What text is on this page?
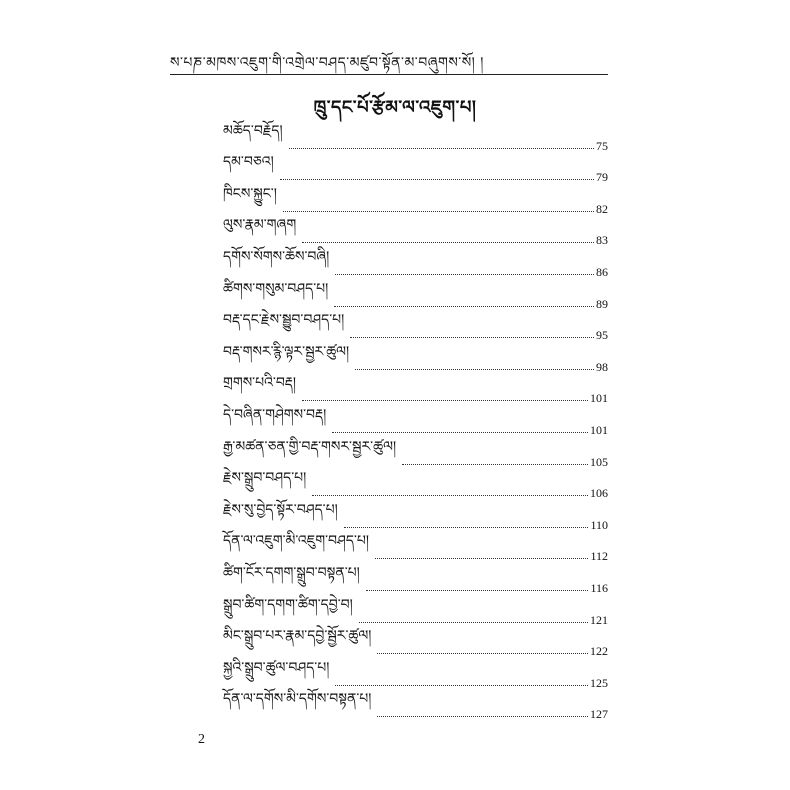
ས་པཎ་མཁས་འཇུག་གི་འགྲེལ་བཤད་མཛུབ་སྟོན་མ་བཞུགས་སོ། །
ཁྲུ་དང་པོ་རྩོམ་ལ་འཇུག་པ།
མཆོད་བརྗོད།
75
དམ་བཅའ།
79
ཁིངས་སྐྱུང་།
82
ལུས་རྣམ་གཞག
83
དགོས་སོགས་ཆོས་བཞི།
86
ཚིགས་གསུམ་བཤད་པ།
89
བརྡ་དང་རྗེས་སྦྱུབ་བཤད་པ།
95
བརྡ་གསར་རྙི་ལྟར་སྦྱར་ཚུལ།
98
གྲགས་པའི་བརྡ།
101
དེ་བཞིན་གཤེགས་བརྡ།
101
རྒྱ་མཚན་ཅན་གྱི་བརྡ་གསར་སྦྱར་ཚུལ།
105
རྗེས་སྒྲུབ་བཤད་པ།
106
རྗེས་སུ་བྱེད་སྟོར་བཤད་པ།
110
དོན་ལ་འཇུག་མི་འཇུག་བཤད་པ།
112
ཚིག་ངོར་དགག་སྒྲུབ་བསྟན་པ།
116
སྒྲུབ་ཚིག་དགག་ཚིག་དབྱེ་བ།
121
མིང་སྒྲུབ་པར་རྣམ་དབྱེ་སྦྱོར་ཚུལ།
122
སྐྱའི་སྒྲུབ་ཚུལ་བཤད་པ།
125
དོན་ལ་དགོས་མི་དགོས་བསྟན་པ།
127
2
